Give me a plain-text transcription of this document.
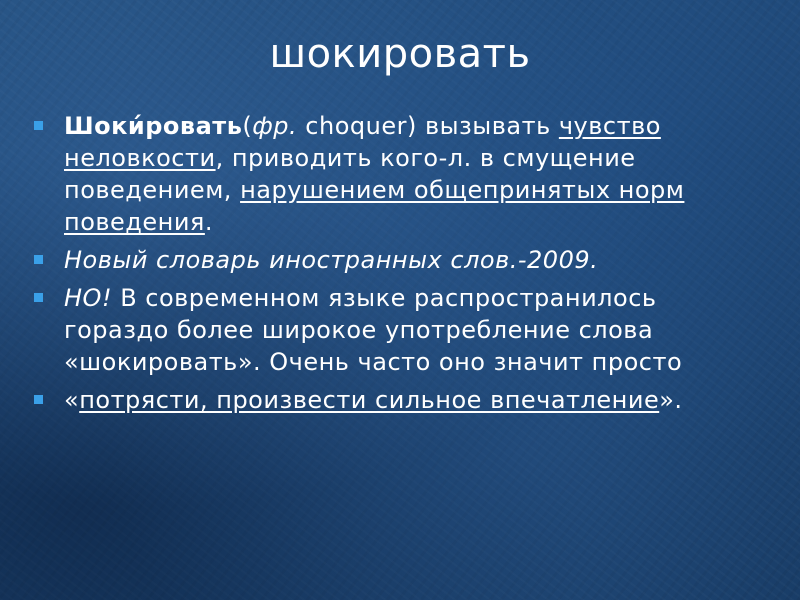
шокировать
Шоки́ровать(фр. choquer) вызывать чувство неловкости, приводить кого-л. в смущение поведением, нарушением общепринятых норм поведения.
Новый словарь иностранных слов.-2009.
НО! В современном языке распространилось гораздо более широкое употребление слова «шокировать». Очень часто оно значит просто
«потрясти, произвести сильное впечатление».
